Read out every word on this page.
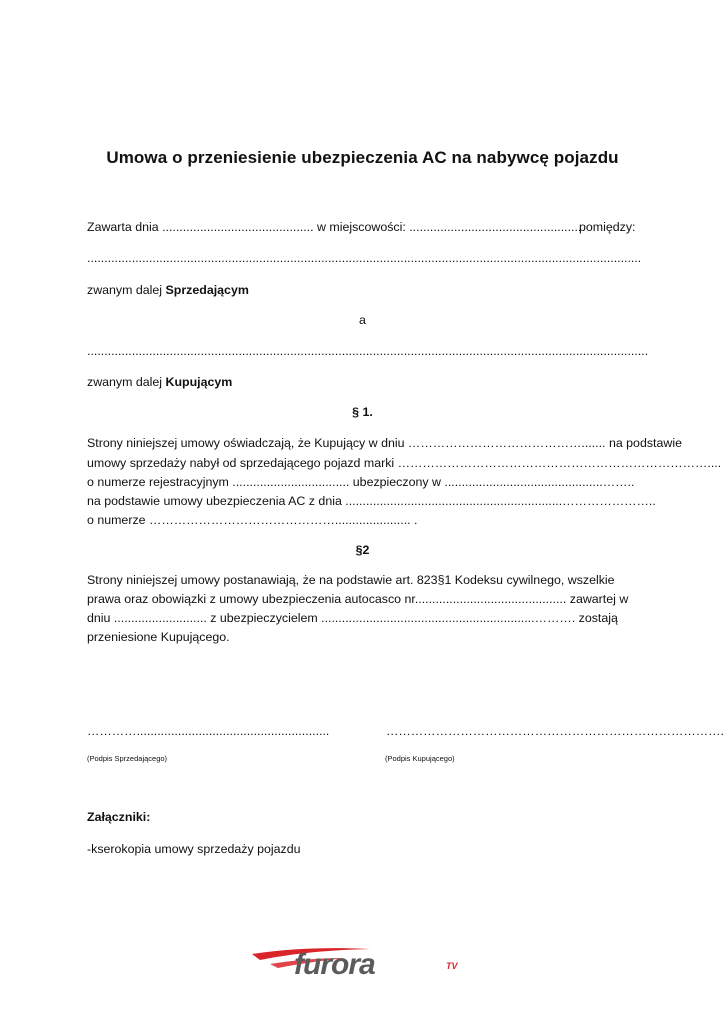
Umowa o przeniesienie ubezpieczenia AC na nabywcę pojazdu
Zawarta dnia ............................................ w miejscowości: ..................................................
pomiędzy:
.................................................................................................................................................................
zwanym dalej Sprzedającym
a
...................................................................................................................................................................
zwanym dalej Kupującym
§ 1.
Strony niniejszej umowy oświadczają, że Kupujący w dniu ……………………………………....... na podstawie
umowy sprzedaży nabył od sprzedającego pojazd marki …………………………………………………………………....
o numerze rejestracyjnym .................................. ubezpieczony w ..............................................……..
na podstawie umowy ubezpieczenia AC z dnia ...............................................................…………………..
o numerze ………………………………………...................... .
§2
Strony niniejszej umowy postanawiają, że na podstawie art. 823§1 Kodeksu cywilnego, wszelkie
prawa oraz obowiązki z umowy ubezpieczenia autocasco nr............................................ zawartej w
dniu ........................... z ubezpieczycielem ..............................................................………. zostają
przeniesione Kupującego.
…………........................................................	……………………………………………………………………….
(Podpis Sprzedającego)	(Podpis Kupującego)
Załączniki:
-kserokopia umowy sprzedaży pojazdu
furora	TV
